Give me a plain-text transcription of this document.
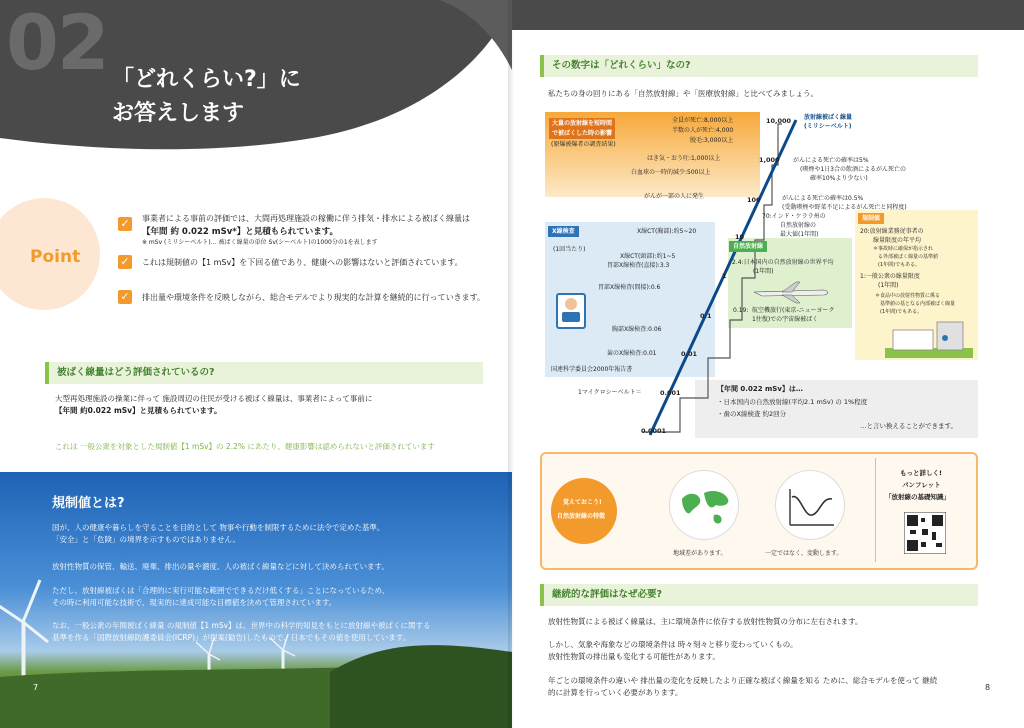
02 「どれくらい?」に
お答えします
Point
✓ 事業者による事前の評価では、大間再処理施設の稼働に伴う排気・排水による被ばく線量は
【年間 約 0.022 mSv*】と見積もられています。
※ mSv (ミリシーベルト)… 被ばく線量の単位 Sv(シーベルト)の1000分の1を表します
✓ これは規制値の【1 mSv】を下回る値であり、健康への影響はないと評価されています。
✓ 排出量や環境条件を反映しながら、総合モデルでより現実的な計算を継続的に行っていきます。
被ばく線量はどう評価されているの?
大型再処理施設の操業に伴って 施設周辺の住民が受ける被ばく線量は、事業者によって事前に
【年間 約0.022 mSv】と見積もられています。
これは 一般公衆を対象とした規制値【1 mSv】の 2.2% にあたり、健康影響は認められないと評価されています
規制値とは?
国が、人の健康や暮らしを守ることを目的として 物事や行動を制限するために法令で定めた基準。
「安全」と「危険」の境界を示すものではありません。
放射性物質の保管、輸送、廃棄、排出の量や濃度、人の被ばく線量などに対して決められています。
ただし、放射線被ばくは「合理的に実行可能な範囲でできるだけ低くする」ことになっているため、
その時に利用可能な技術で、現実的に達成可能な目標値を決めて管理されています。
なお、一般公衆の年間被ばく線量 の規制値【1 mSv】は、世界中の科学的知見をもとに放射線や被ばくに関する
基準を作る「国際放射線防護委員会(ICRP)」が提案(勧告)したもので、日本でもその値を使用しています。
7
その数字は「どれくらい」なの?
私たちの身の回りにある「自然放射線」や「医療放射線」と比べてみましょう。
10,000
1,000
100
10
1
0.1
0.01
0.001
0.0001
放射線被ばく線量
(ミリシーベルト)
大量の放射線を短時間
で被ばくした時の影響
(原爆被爆者の調査結果)
全員が死亡:8,000以上
半数の人が死亡:4,000
脱毛:3,000以上
はき気・おう吐:1,000以上
白血球の一時的減少:500以上
がんが一部の人に発生
がんによる死亡の確率は5%
(喫煙や1日3合の飲酒によるがん死亡の
確率10%より少ない)
がんによる死亡の確率は0.5%
(受動喫煙や野菜不足によるがん死亡と同程度)
70:インド・ケララ州の
自然放射線の
最大値(1年間)
X線検査
(1回当たり)
X線CT(胸部):約5~20
X線CT(頭部):約1~5
胃部X線検査(直接):3.3
胃部X線検査(間接):0.6
胸部X線検査:0.06
歯のX線検査:0.01
国連科学委員会2000年報告書
自然放射線
2.4:日本国内の自然放射線の世界平均
(1年間)
0.19: 航空機旅行(東京-ニューヨーク
1往復)での宇宙線被ばく
規制値
20:放射線業務従事者の
線量限度の年平均
＊事故時に確保が指示され
る外部被ばく線量の基準値
(1年間)でもある。
1:一般公衆の線量限度
(1年間)
＊食品中の放射性物質に係る
基準値の基となる内部被ばく線量
(1年間)でもある。
1マイクロシーベルト＝	【年間 0.022 mSv】は…
・日本国内の自然放射線(平均2.1 mSv) の 1%程度
・歯のX線検査 約2回分
…と言い換えることができます。
覚えておこう!
自然放射線の特徴
地域差があります。	一定ではなく、変動します。
もっと詳しく!
パンフレット
「放射線の基礎知識」
継続的な評価はなぜ必要?
放射性物質による被ばく線量は、主に環境条件に依存する放射性物質の分布に左右されます。
しかし、気象や海象などの環境条件は 時々刻々と移り変わっていくもの。
放射性物質の排出量も変化する可能性があります。
年ごとの環境条件の違いや 排出量の変化を反映したより正確な被ばく線量を知る ために、総合モデルを使って 継続
的に計算を行っていく必要があります。
8
